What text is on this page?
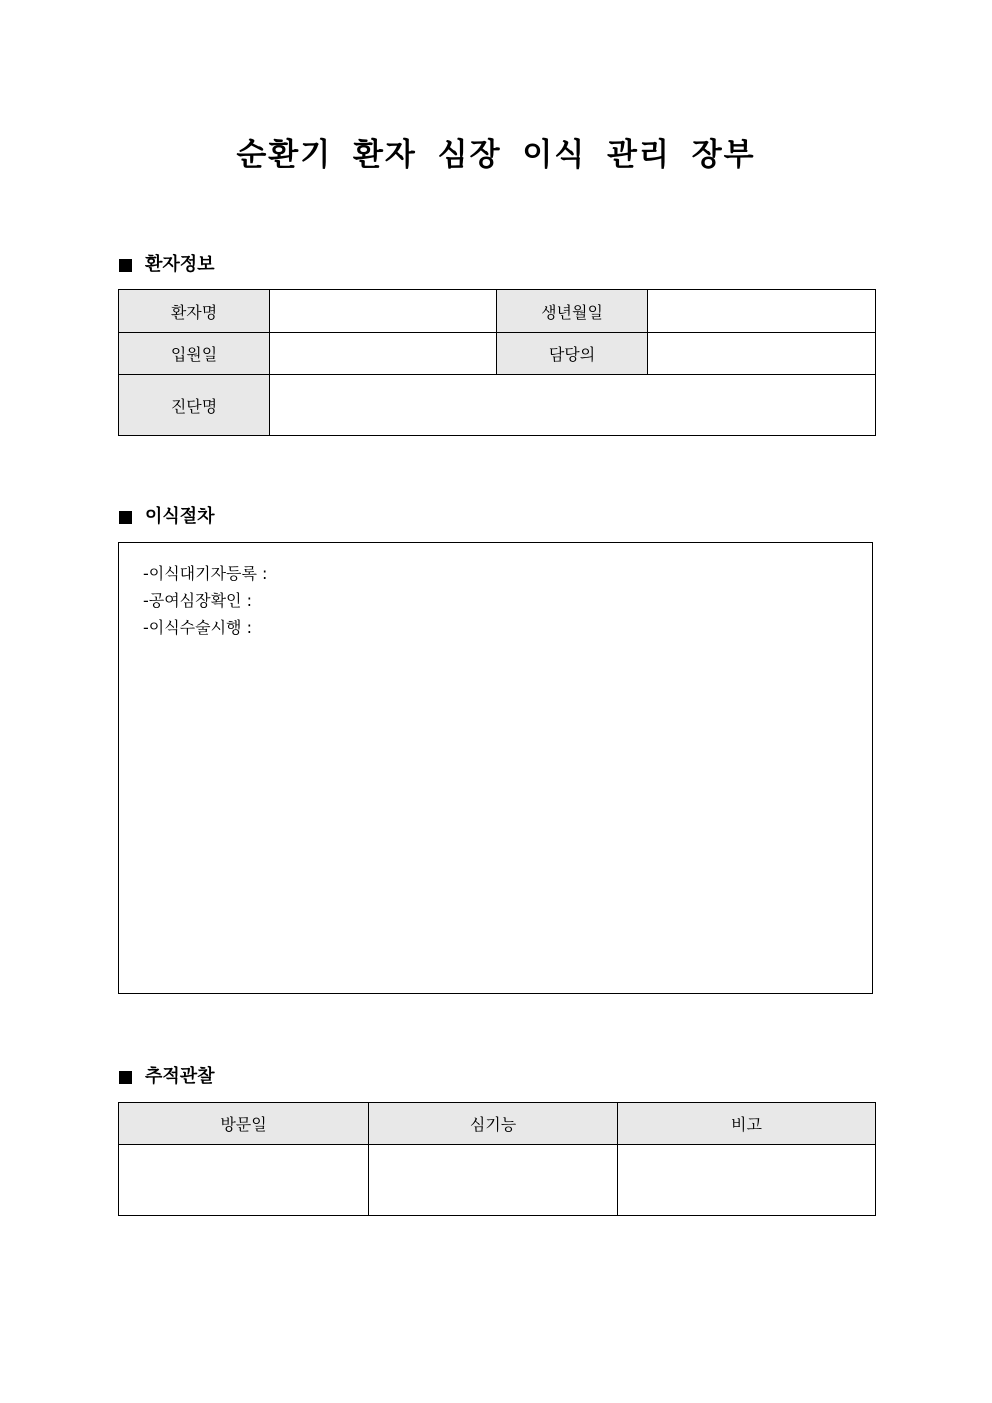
순환기 환자 심장 이식 관리 장부
환자정보
환자명		생년월일	
입원일		담당의	
진단명			
이식절차
-이식대기자등록 :
-공여심장확인 :
-이식수술시행 :
추적관찰
방문일	심기능	비고
